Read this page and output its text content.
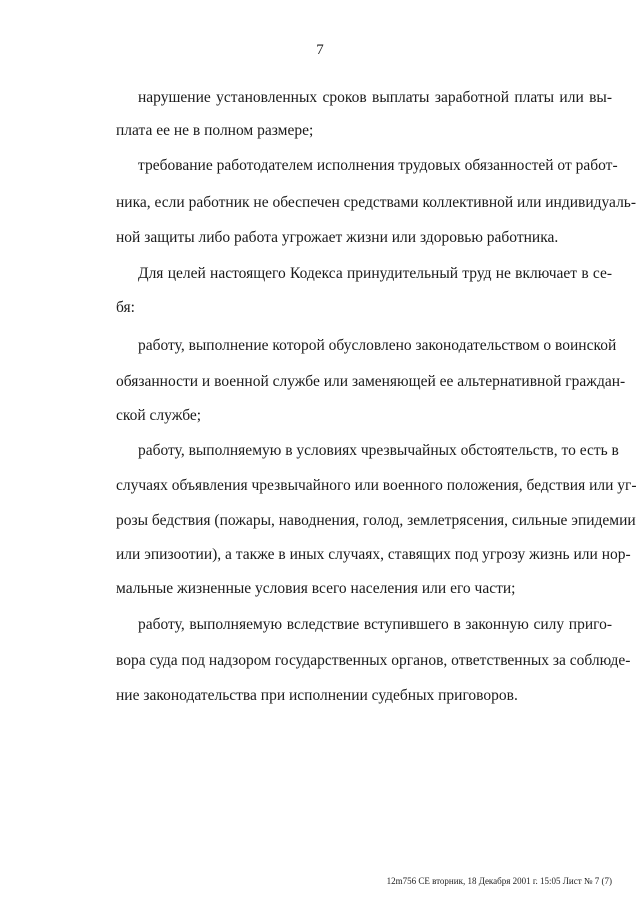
7
нарушение установленных сроков выплаты заработной платы или вы-
плата ее не в полном размере;
требование работодателем исполнения трудовых обязанностей от работ-
ника, если работник не обеспечен средствами коллективной или индивидуаль-
ной защиты либо работа угрожает жизни или здоровью работника.
Для целей настоящего Кодекса принудительный труд не включает в се-
бя:
работу, выполнение которой обусловлено законодательством о воинской
обязанности и военной службе или заменяющей ее альтернативной граждан-
ской службе;
работу, выполняемую в условиях чрезвычайных обстоятельств, то есть в
случаях объявления чрезвычайного или военного положения, бедствия или уг-
розы бедствия (пожары, наводнения, голод, землетрясения, сильные эпидемии
или эпизоотии), а также в иных случаях, ставящих под угрозу жизнь или нор-
мальные жизненные условия всего населения или его части;
работу, выполняемую вследствие вступившего в законную силу приго-
вора суда под надзором государственных органов, ответственных за соблюде-
ние законодательства при исполнении судебных приговоров.
12m756 СЕ вторник, 18 Декабря 2001 г. 15:05 Лист № 7 (7)
